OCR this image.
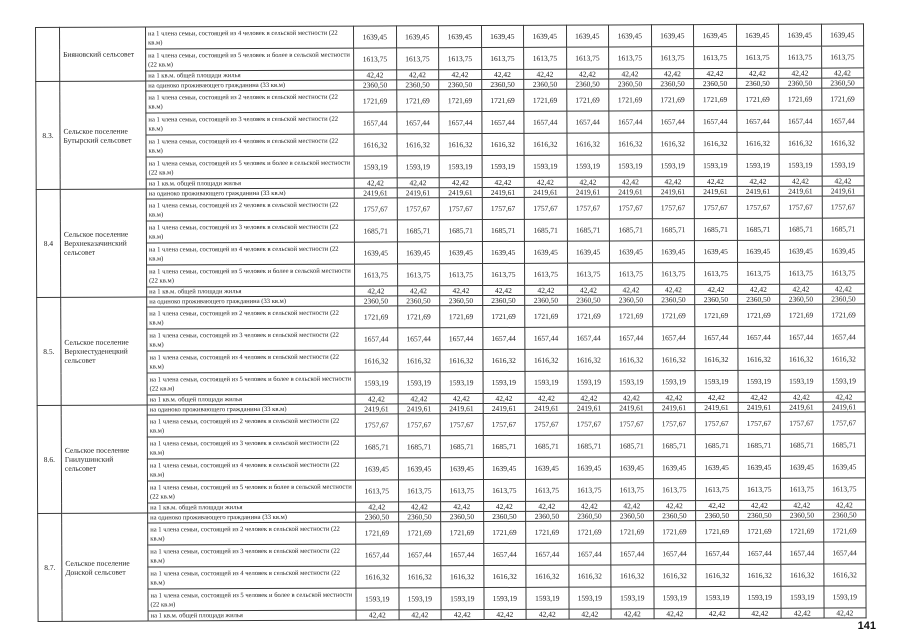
	Бияновский сельсовет	на 1 члена семьи, состоящей из 4 человек в сельской местности (22 кв.м)	1639,45	1639,45	1639,45	1639,45	1639,45	1639,45	1639,45	1639,45	1639,45	1639,45	1639,45	1639,45
		на 1 члена семьи, состоящей из 5 человек и более в сельской местности (22 кв.м)	1613,75	1613,75	1613,75	1613,75	1613,75	1613,75	1613,75	1613,75	1613,75	1613,75	1613,75	1613,75
		на 1 кв.м. общей площади жилья	42,42	42,42	42,42	42,42	42,42	42,42	42,42	42,42	42,42	42,42	42,42	42,42
8.3.	Сельское поселение Бутырский сельсовет	на одиноко проживающего гражданина (33 кв.м)	2360,50	2360,50	2360,50	2360,50	2360,50	2360,50	2360,50	2360,50	2360,50	2360,50	2360,50	2360,50
		на 1 члена семьи, состоящей из 2 человек в сельской местности (22 кв.м)	1721,69	1721,69	1721,69	1721,69	1721,69	1721,69	1721,69	1721,69	1721,69	1721,69	1721,69	1721,69
		на 1 члена семьи, состоящей из 3 человек в сельской местности (22 кв.м)	1657,44	1657,44	1657,44	1657,44	1657,44	1657,44	1657,44	1657,44	1657,44	1657,44	1657,44	1657,44
		на 1 члена семьи, состоящей из 4 человек в сельской местности (22 кв.м)	1616,32	1616,32	1616,32	1616,32	1616,32	1616,32	1616,32	1616,32	1616,32	1616,32	1616,32	1616,32
		на 1 члена семьи, состоящей из 5 человек и более в сельской местности (22 кв.м)	1593,19	1593,19	1593,19	1593,19	1593,19	1593,19	1593,19	1593,19	1593,19	1593,19	1593,19	1593,19
		на 1 кв.м. общей площади жилья	42,42	42,42	42,42	42,42	42,42	42,42	42,42	42,42	42,42	42,42	42,42	42,42
8.4	Сельское поселение Верхнеказачинский сельсовет	на одиноко проживающего гражданина (33 кв.м)	2419,61	2419,61	2419,61	2419,61	2419,61	2419,61	2419,61	2419,61	2419,61	2419,61	2419,61	2419,61
		на 1 члена семьи, состоящей из 2 человек в сельской местности (22 кв.м)	1757,67	1757,67	1757,67	1757,67	1757,67	1757,67	1757,67	1757,67	1757,67	1757,67	1757,67	1757,67
		на 1 члена семьи, состоящей из 3 человек в сельской местности (22 кв.м)	1685,71	1685,71	1685,71	1685,71	1685,71	1685,71	1685,71	1685,71	1685,71	1685,71	1685,71	1685,71
		на 1 члена семьи, состоящей из 4 человек в сельской местности (22 кв.м)	1639,45	1639,45	1639,45	1639,45	1639,45	1639,45	1639,45	1639,45	1639,45	1639,45	1639,45	1639,45
		на 1 члена семьи, состоящей из 5 человек и более в сельской местности (22 кв.м)	1613,75	1613,75	1613,75	1613,75	1613,75	1613,75	1613,75	1613,75	1613,75	1613,75	1613,75	1613,75
		на 1 кв.м. общей площади жилья	42,42	42,42	42,42	42,42	42,42	42,42	42,42	42,42	42,42	42,42	42,42	42,42
8.5.	Сельское поселение Верхнестуденецкий сельсовет	на одиноко проживающего гражданина (33 кв.м)	2360,50	2360,50	2360,50	2360,50	2360,50	2360,50	2360,50	2360,50	2360,50	2360,50	2360,50	2360,50
		на 1 члена семьи, состоящей из 2 человек в сельской местности (22 кв.м)	1721,69	1721,69	1721,69	1721,69	1721,69	1721,69	1721,69	1721,69	1721,69	1721,69	1721,69	1721,69
		на 1 члена семьи, состоящей из 3 человек в сельской местности (22 кв.м)	1657,44	1657,44	1657,44	1657,44	1657,44	1657,44	1657,44	1657,44	1657,44	1657,44	1657,44	1657,44
		на 1 члена семьи, состоящей из 4 человек в сельской местности (22 кв.м)	1616,32	1616,32	1616,32	1616,32	1616,32	1616,32	1616,32	1616,32	1616,32	1616,32	1616,32	1616,32
		на 1 члена семьи, состоящей из 5 человек и более в сельской местности (22 кв.м)	1593,19	1593,19	1593,19	1593,19	1593,19	1593,19	1593,19	1593,19	1593,19	1593,19	1593,19	1593,19
		на 1 кв.м. общей площади жилья	42,42	42,42	42,42	42,42	42,42	42,42	42,42	42,42	42,42	42,42	42,42	42,42
8.6.	Сельское поселение Гнилушинский сельсовет	на одиноко проживающего гражданина (33 кв.м)	2419,61	2419,61	2419,61	2419,61	2419,61	2419,61	2419,61	2419,61	2419,61	2419,61	2419,61	2419,61
		на 1 члена семьи, состоящей из 2 человек в сельской местности (22 кв.м)	1757,67	1757,67	1757,67	1757,67	1757,67	1757,67	1757,67	1757,67	1757,67	1757,67	1757,67	1757,67
		на 1 члена семьи, состоящей из 3 человек в сельской местности (22 кв.м)	1685,71	1685,71	1685,71	1685,71	1685,71	1685,71	1685,71	1685,71	1685,71	1685,71	1685,71	1685,71
		на 1 члена семьи, состоящей из 4 человек в сельской местности (22 кв.м)	1639,45	1639,45	1639,45	1639,45	1639,45	1639,45	1639,45	1639,45	1639,45	1639,45	1639,45	1639,45
		на 1 члена семьи, состоящей из 5 человек и более в сельской местности (22 кв.м)	1613,75	1613,75	1613,75	1613,75	1613,75	1613,75	1613,75	1613,75	1613,75	1613,75	1613,75	1613,75
		на 1 кв.м. общей площади жилья	42,42	42,42	42,42	42,42	42,42	42,42	42,42	42,42	42,42	42,42	42,42	42,42
8.7.	Сельское поселение Донской сельсовет	на одиноко проживающего гражданина (33 кв.м)	2360,50	2360,50	2360,50	2360,50	2360,50	2360,50	2360,50	2360,50	2360,50	2360,50	2360,50	2360,50
		на 1 члена семьи, состоящей из 2 человек в сельской местности (22 кв.м)	1721,69	1721,69	1721,69	1721,69	1721,69	1721,69	1721,69	1721,69	1721,69	1721,69	1721,69	1721,69
		на 1 члена семьи, состоящей из 3 человек в сельской местности (22 кв.м)	1657,44	1657,44	1657,44	1657,44	1657,44	1657,44	1657,44	1657,44	1657,44	1657,44	1657,44	1657,44
		на 1 члена семьи, состоящей из 4 человек в сельской местности (22 кв.м)	1616,32	1616,32	1616,32	1616,32	1616,32	1616,32	1616,32	1616,32	1616,32	1616,32	1616,32	1616,32
		на 1 члена семьи, состоящей из 5 человек и более в сельской местности (22 кв.м)	1593,19	1593,19	1593,19	1593,19	1593,19	1593,19	1593,19	1593,19	1593,19	1593,19	1593,19	1593,19
		на 1 кв.м. общей площади жилья	42,42	42,42	42,42	42,42	42,42	42,42	42,42	42,42	42,42	42,42	42,42	42,42
141
